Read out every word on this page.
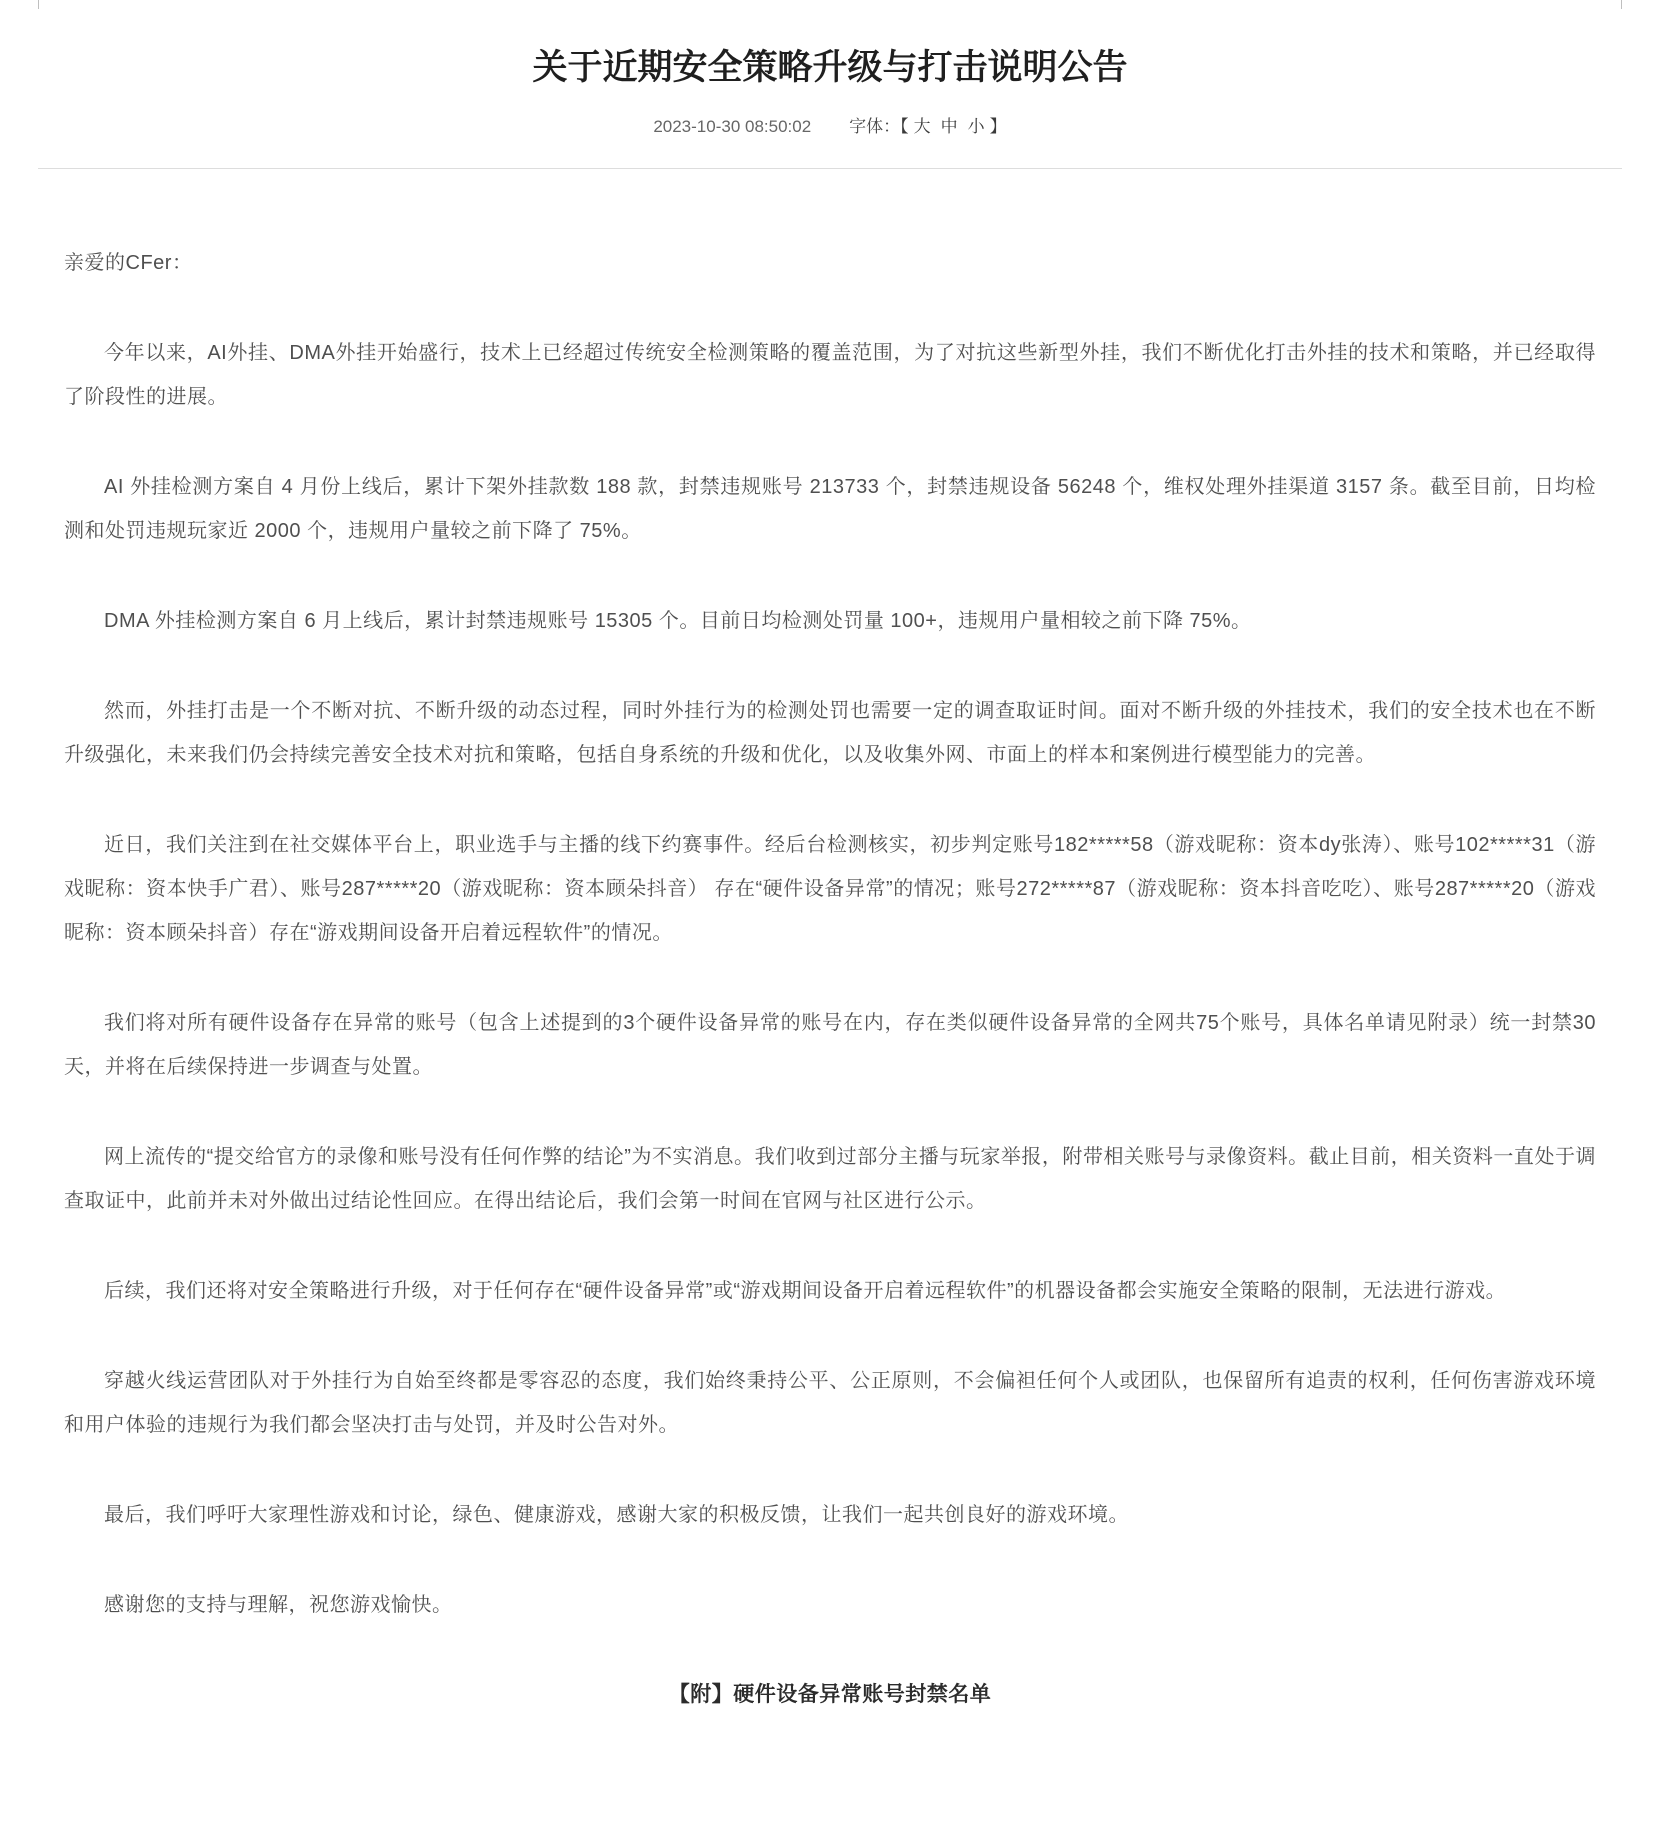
关于近期安全策略升级与打击说明公告
2023-10-30 08:50:02 字体：【 大 中 小 】

亲爱的CFer：

今年以来，AI外挂、DMA外挂开始盛行，技术上已经超过传统安全检测策略的覆盖范围，为了对抗这些新型外挂，我们不断优化打击外挂的技术和策略，并已经取得了阶段性的进展。

AI 外挂检测方案自 4 月份上线后，累计下架外挂款数 188 款，封禁违规账号 213733 个，封禁违规设备 56248 个，维权处理外挂渠道 3157 条。截至目前，日均检测和处罚违规玩家近 2000 个，违规用户量较之前下降了 75%。

DMA 外挂检测方案自 6 月上线后，累计封禁违规账号 15305 个。目前日均检测处罚量 100+，违规用户量相较之前下降 75%。

然而，外挂打击是一个不断对抗、不断升级的动态过程，同时外挂行为的检测处罚也需要一定的调查取证时间。面对不断升级的外挂技术，我们的安全技术也在不断升级强化，未来我们仍会持续完善安全技术对抗和策略，包括自身系统的升级和优化，以及收集外网、市面上的样本和案例进行模型能力的完善。

近日，我们关注到在社交媒体平台上，职业选手与主播的线下约赛事件。经后台检测核实，初步判定账号182*****58（游戏昵称：资本dy张涛）、账号102*****31（游戏昵称：资本快手广君）、账号287*****20（游戏昵称：资本顾朵抖音） 存在“硬件设备异常”的情况；账号272*****87（游戏昵称：资本抖音吃吃）、账号287*****20（游戏昵称：资本顾朵抖音）存在“游戏期间设备开启着远程软件”的情况。

我们将对所有硬件设备存在异常的账号（包含上述提到的3个硬件设备异常的账号在内，存在类似硬件设备异常的全网共75个账号，具体名单请见附录）统一封禁30天，并将在后续保持进一步调查与处置。

网上流传的“提交给官方的录像和账号没有任何作弊的结论”为不实消息。我们收到过部分主播与玩家举报，附带相关账号与录像资料。截止目前，相关资料一直处于调查取证中，此前并未对外做出过结论性回应。在得出结论后，我们会第一时间在官网与社区进行公示。

后续，我们还将对安全策略进行升级，对于任何存在“硬件设备异常”或“游戏期间设备开启着远程软件”的机器设备都会实施安全策略的限制，无法进行游戏。

穿越火线运营团队对于外挂行为自始至终都是零容忍的态度，我们始终秉持公平、公正原则，不会偏袒任何个人或团队，也保留所有追责的权利，任何伤害游戏环境和用户体验的违规行为我们都会坚决打击与处罚，并及时公告对外。

最后，我们呼吁大家理性游戏和讨论，绿色、健康游戏，感谢大家的积极反馈，让我们一起共创良好的游戏环境。

感谢您的支持与理解，祝您游戏愉快。

【附】硬件设备异常账号封禁名单
